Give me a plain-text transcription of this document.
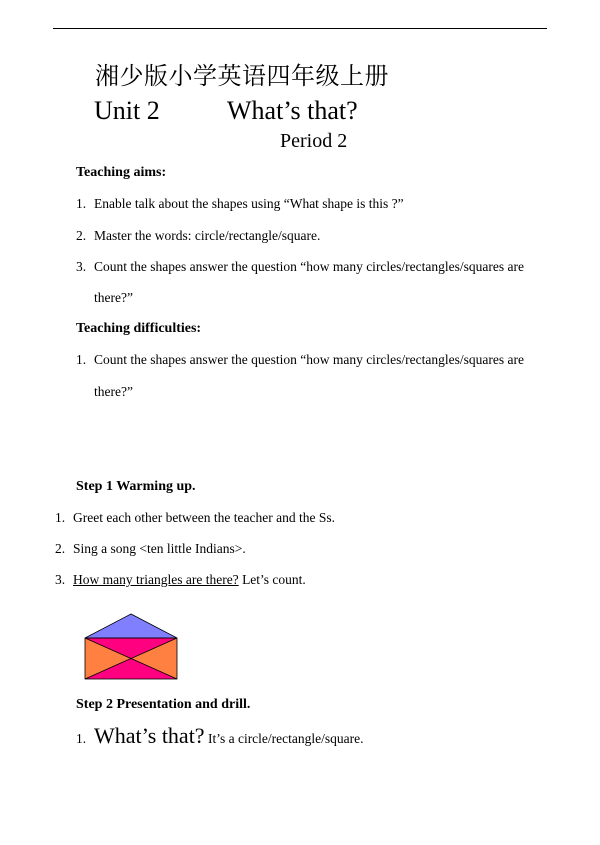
湘少版小学英语四年级上册
Unit 2	What’s that?
Period 2
Teaching aims:
1. Enable talk about the shapes using “What shape is this ?”
2. Master the words: circle/rectangle/square.
3. Count the shapes answer the question “how many circles/rectangles/squares are
there?”
Teaching difficulties:
1. Count the shapes answer the question “how many circles/rectangles/squares are
there?”
Step 1 Warming up.
1. Greet each other between the teacher and the Ss.
2. Sing a song <ten little Indians>.
3. How many triangles are there? Let’s count.
Step 2 Presentation and drill.
1. What’s that? It’s a circle/rectangle/square.
